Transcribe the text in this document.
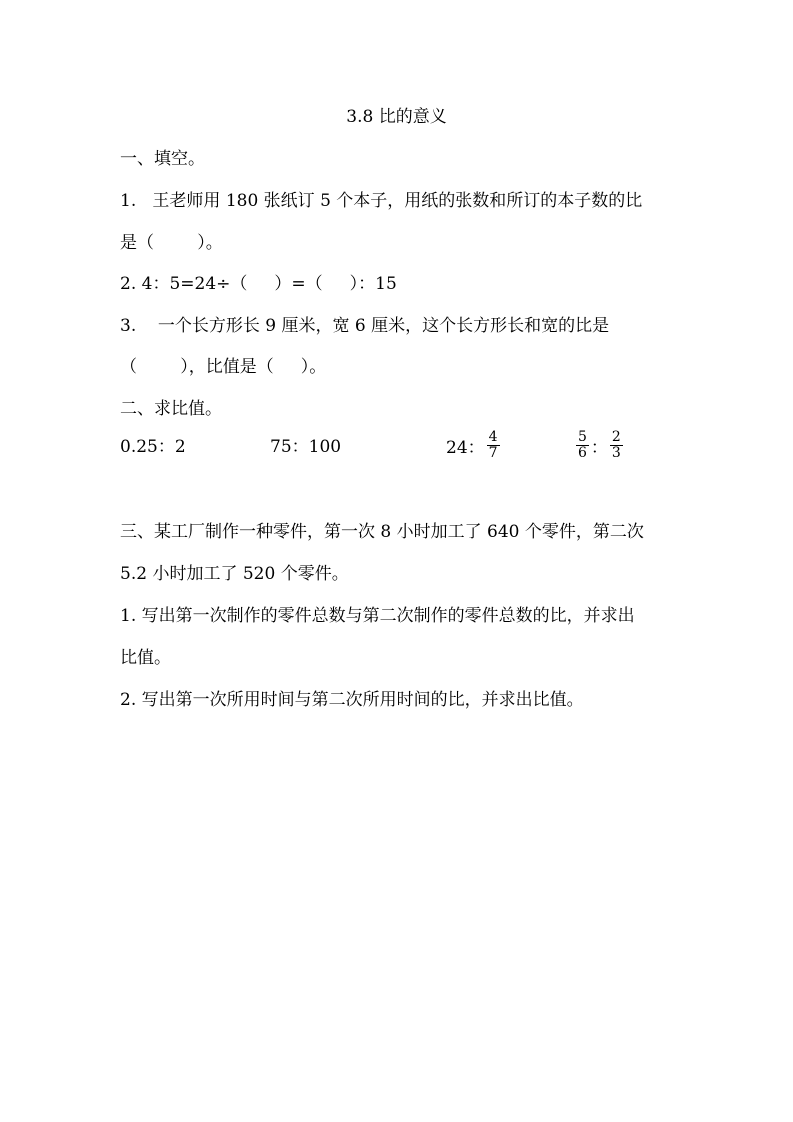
3.8 比的意义
一、填空。
1.   王老师用 180 张纸订 5 个本子，用纸的张数和所订的本子数的比
是（        ）。
2. 4：5=24÷（     ）=（     ）：15
3.    一个长方形长 9 厘米，宽 6 厘米，这个长方形长和宽的比是
（        ），比值是（     ）。
二、求比值。
0.25：2	75：100	24： $\frac{4}{7}$	$\frac{5}{6}$ ： $\frac{2}{3}$
三、某工厂制作一种零件，第一次 8 小时加工了 640 个零件，第二次
5.2 小时加工了 520 个零件。
1. 写出第一次制作的零件总数与第二次制作的零件总数的比，并求出
比值。
2. 写出第一次所用时间与第二次所用时间的比，并求出比值。
